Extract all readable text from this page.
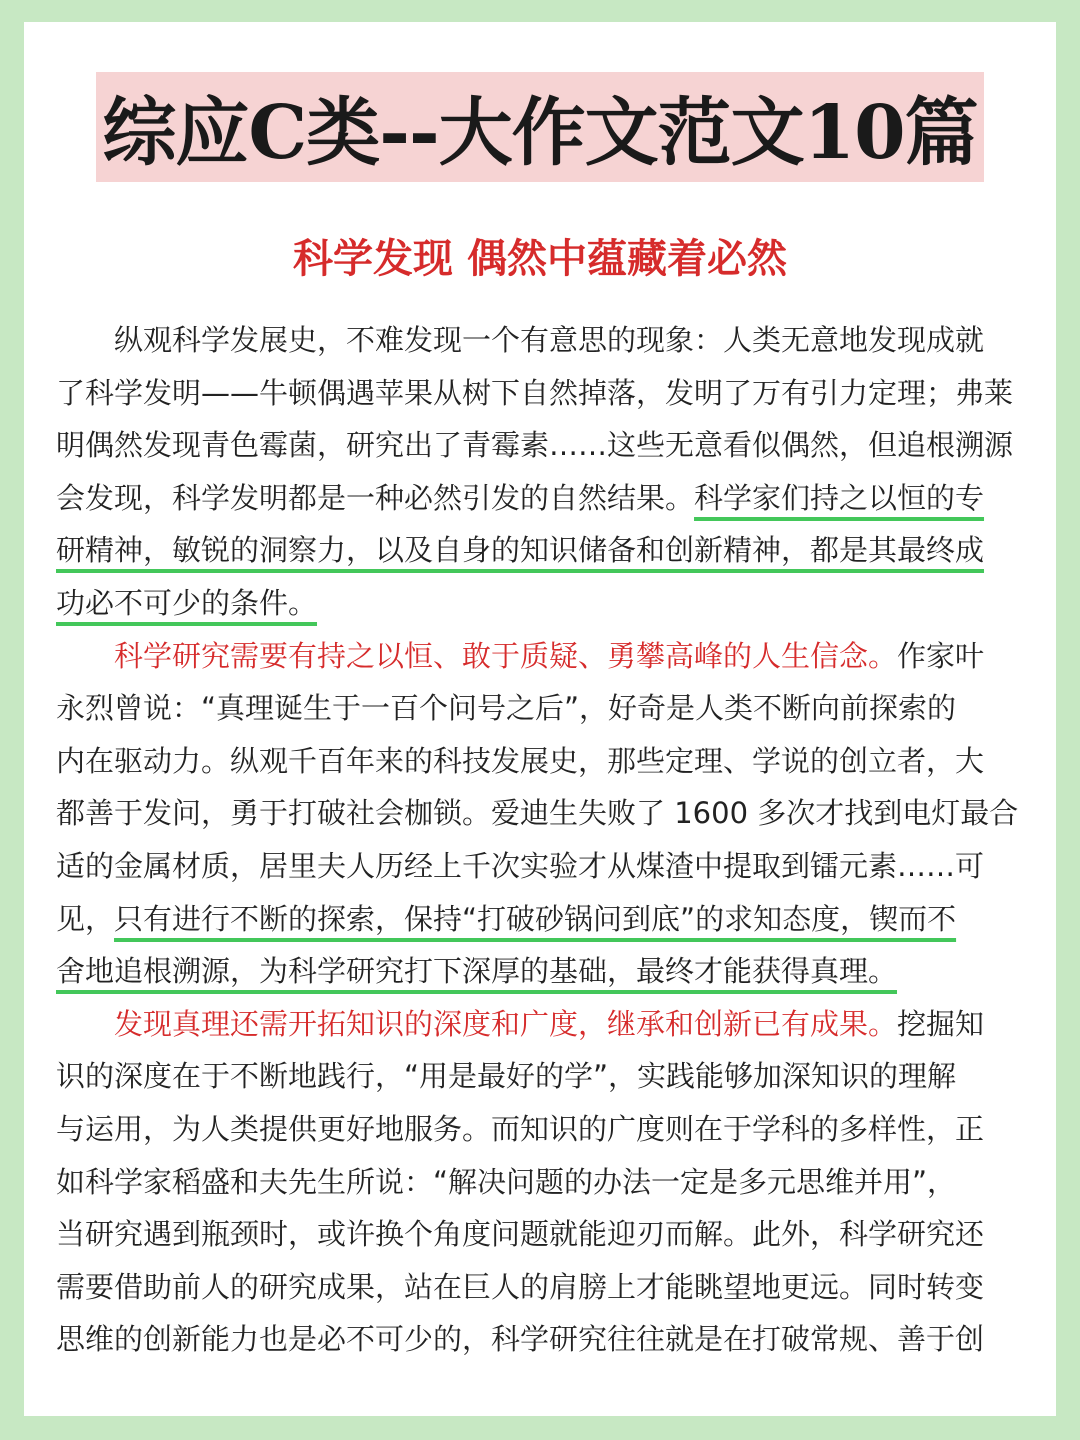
综应C类--大作文范文10篇
科学发现 偶然中蕴藏着必然
纵观科学发展史，不难发现一个有意思的现象：人类无意地发现成就
了科学发明——牛顿偶遇苹果从树下自然掉落，发明了万有引力定理；弗莱
明偶然发现青色霉菌，研究出了青霉素……这些无意看似偶然，但追根溯源
会发现，科学发明都是一种必然引发的自然结果。科学家们持之以恒的专
研精神，敏锐的洞察力，以及自身的知识储备和创新精神，都是其最终成
功必不可少的条件。
科学研究需要有持之以恒、敢于质疑、勇攀高峰的人生信念。作家叶
永烈曾说：“真理诞生于一百个问号之后”，好奇是人类不断向前探索的
内在驱动力。纵观千百年来的科技发展史，那些定理、学说的创立者，大
都善于发问，勇于打破社会枷锁。爱迪生失败了 1600 多次才找到电灯最合
适的金属材质，居里夫人历经上千次实验才从煤渣中提取到镭元素……可
见，只有进行不断的探索，保持“打破砂锅问到底”的求知态度，锲而不
舍地追根溯源，为科学研究打下深厚的基础，最终才能获得真理。
发现真理还需开拓知识的深度和广度，继承和创新已有成果。挖掘知
识的深度在于不断地践行，“用是最好的学”，实践能够加深知识的理解
与运用，为人类提供更好地服务。而知识的广度则在于学科的多样性，正
如科学家稻盛和夫先生所说：“解决问题的办法一定是多元思维并用”，
当研究遇到瓶颈时，或许换个角度问题就能迎刃而解。此外，科学研究还
需要借助前人的研究成果，站在巨人的肩膀上才能眺望地更远。同时转变
思维的创新能力也是必不可少的，科学研究往往就是在打破常规、善于创
